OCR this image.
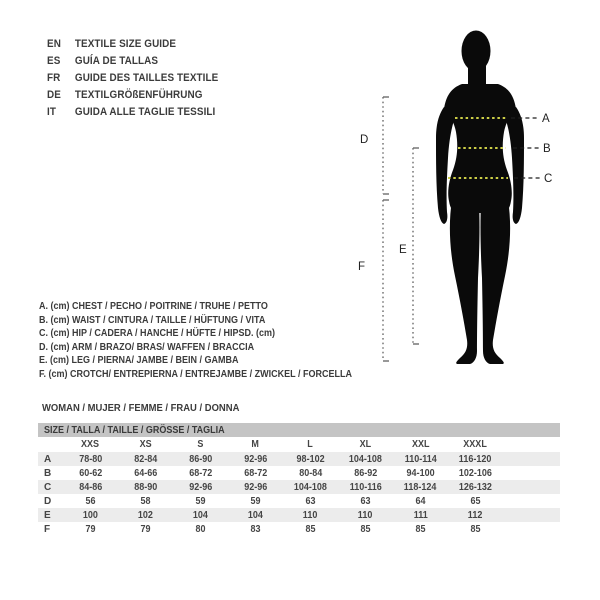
EN TEXTILE SIZE GUIDE
ES GUÍA DE TALLAS
FR GUIDE DES TAILLES TEXTILE
DE TEXTILGRÖßENFÜHRUNG
IT GUIDA ALLE TAGLIE TESSILI
A
B
C
D
E
F
A. (cm) CHEST / PECHO / POITRINE / TRUHE / PETTO
B. (cm) WAIST / CINTURA / TAILLE / HÜFTUNG / VITA
C. (cm) HIP / CADERA / HANCHE / HÜFTE / HIPSD. (cm)
D. (cm) ARM / BRAZO/ BRAS/ WAFFEN / BRACCIA
E. (cm) LEG / PIERNA/ JAMBE / BEIN / GAMBA
F. (cm) CROTCH/ ENTREPIERNA / ENTREJAMBE / ZWICKEL / FORCELLA
WOMAN / MUJER / FEMME / FRAU / DONNA
SIZE / TALLA / TAILLE / GRÖSSE / TAGLIA									
	XXS	XS	S	M	L	XL	XXL	XXXL	
A	78-80	82-84	86-90	92-96	98-102	104-108	110-114	116-120	
B	60-62	64-66	68-72	68-72	80-84	86-92	94-100	102-106	
C	84-86	88-90	92-96	92-96	104-108	110-116	118-124	126-132	
D	56	58	59	59	63	63	64	65	
E	100	102	104	104	110	110	111	112	
F	79	79	80	83	85	85	85	85	
